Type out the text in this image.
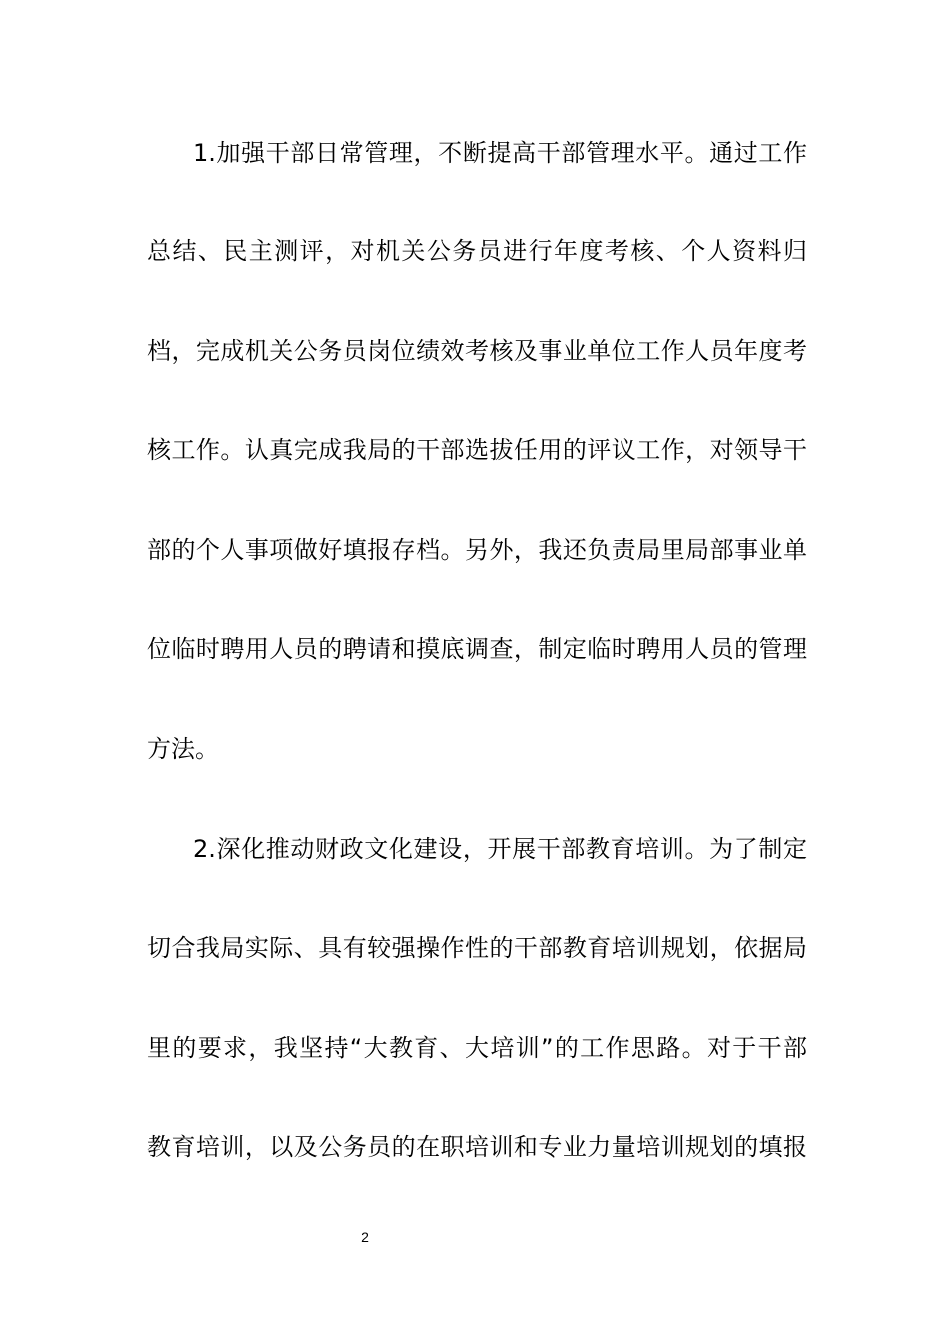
1.加强干部日常管理，不断提高干部管理水平。通过工作
总结、民主测评，对机关公务员进行年度考核、个人资料归
档，完成机关公务员岗位绩效考核及事业单位工作人员年度考
核工作。认真完成我局的干部选拔任用的评议工作，对领导干
部的个人事项做好填报存档。另外，我还负责局里局部事业单
位临时聘用人员的聘请和摸底调查，制定临时聘用人员的管理
方法。
2.深化推动财政文化建设，开展干部教育培训。为了制定
切合我局实际、具有较强操作性的干部教育培训规划，依据局
里的要求，我坚持“大教育、大培训”的工作思路。对于干部
教育培训，以及公务员的在职培训和专业力量培训规划的填报
2
